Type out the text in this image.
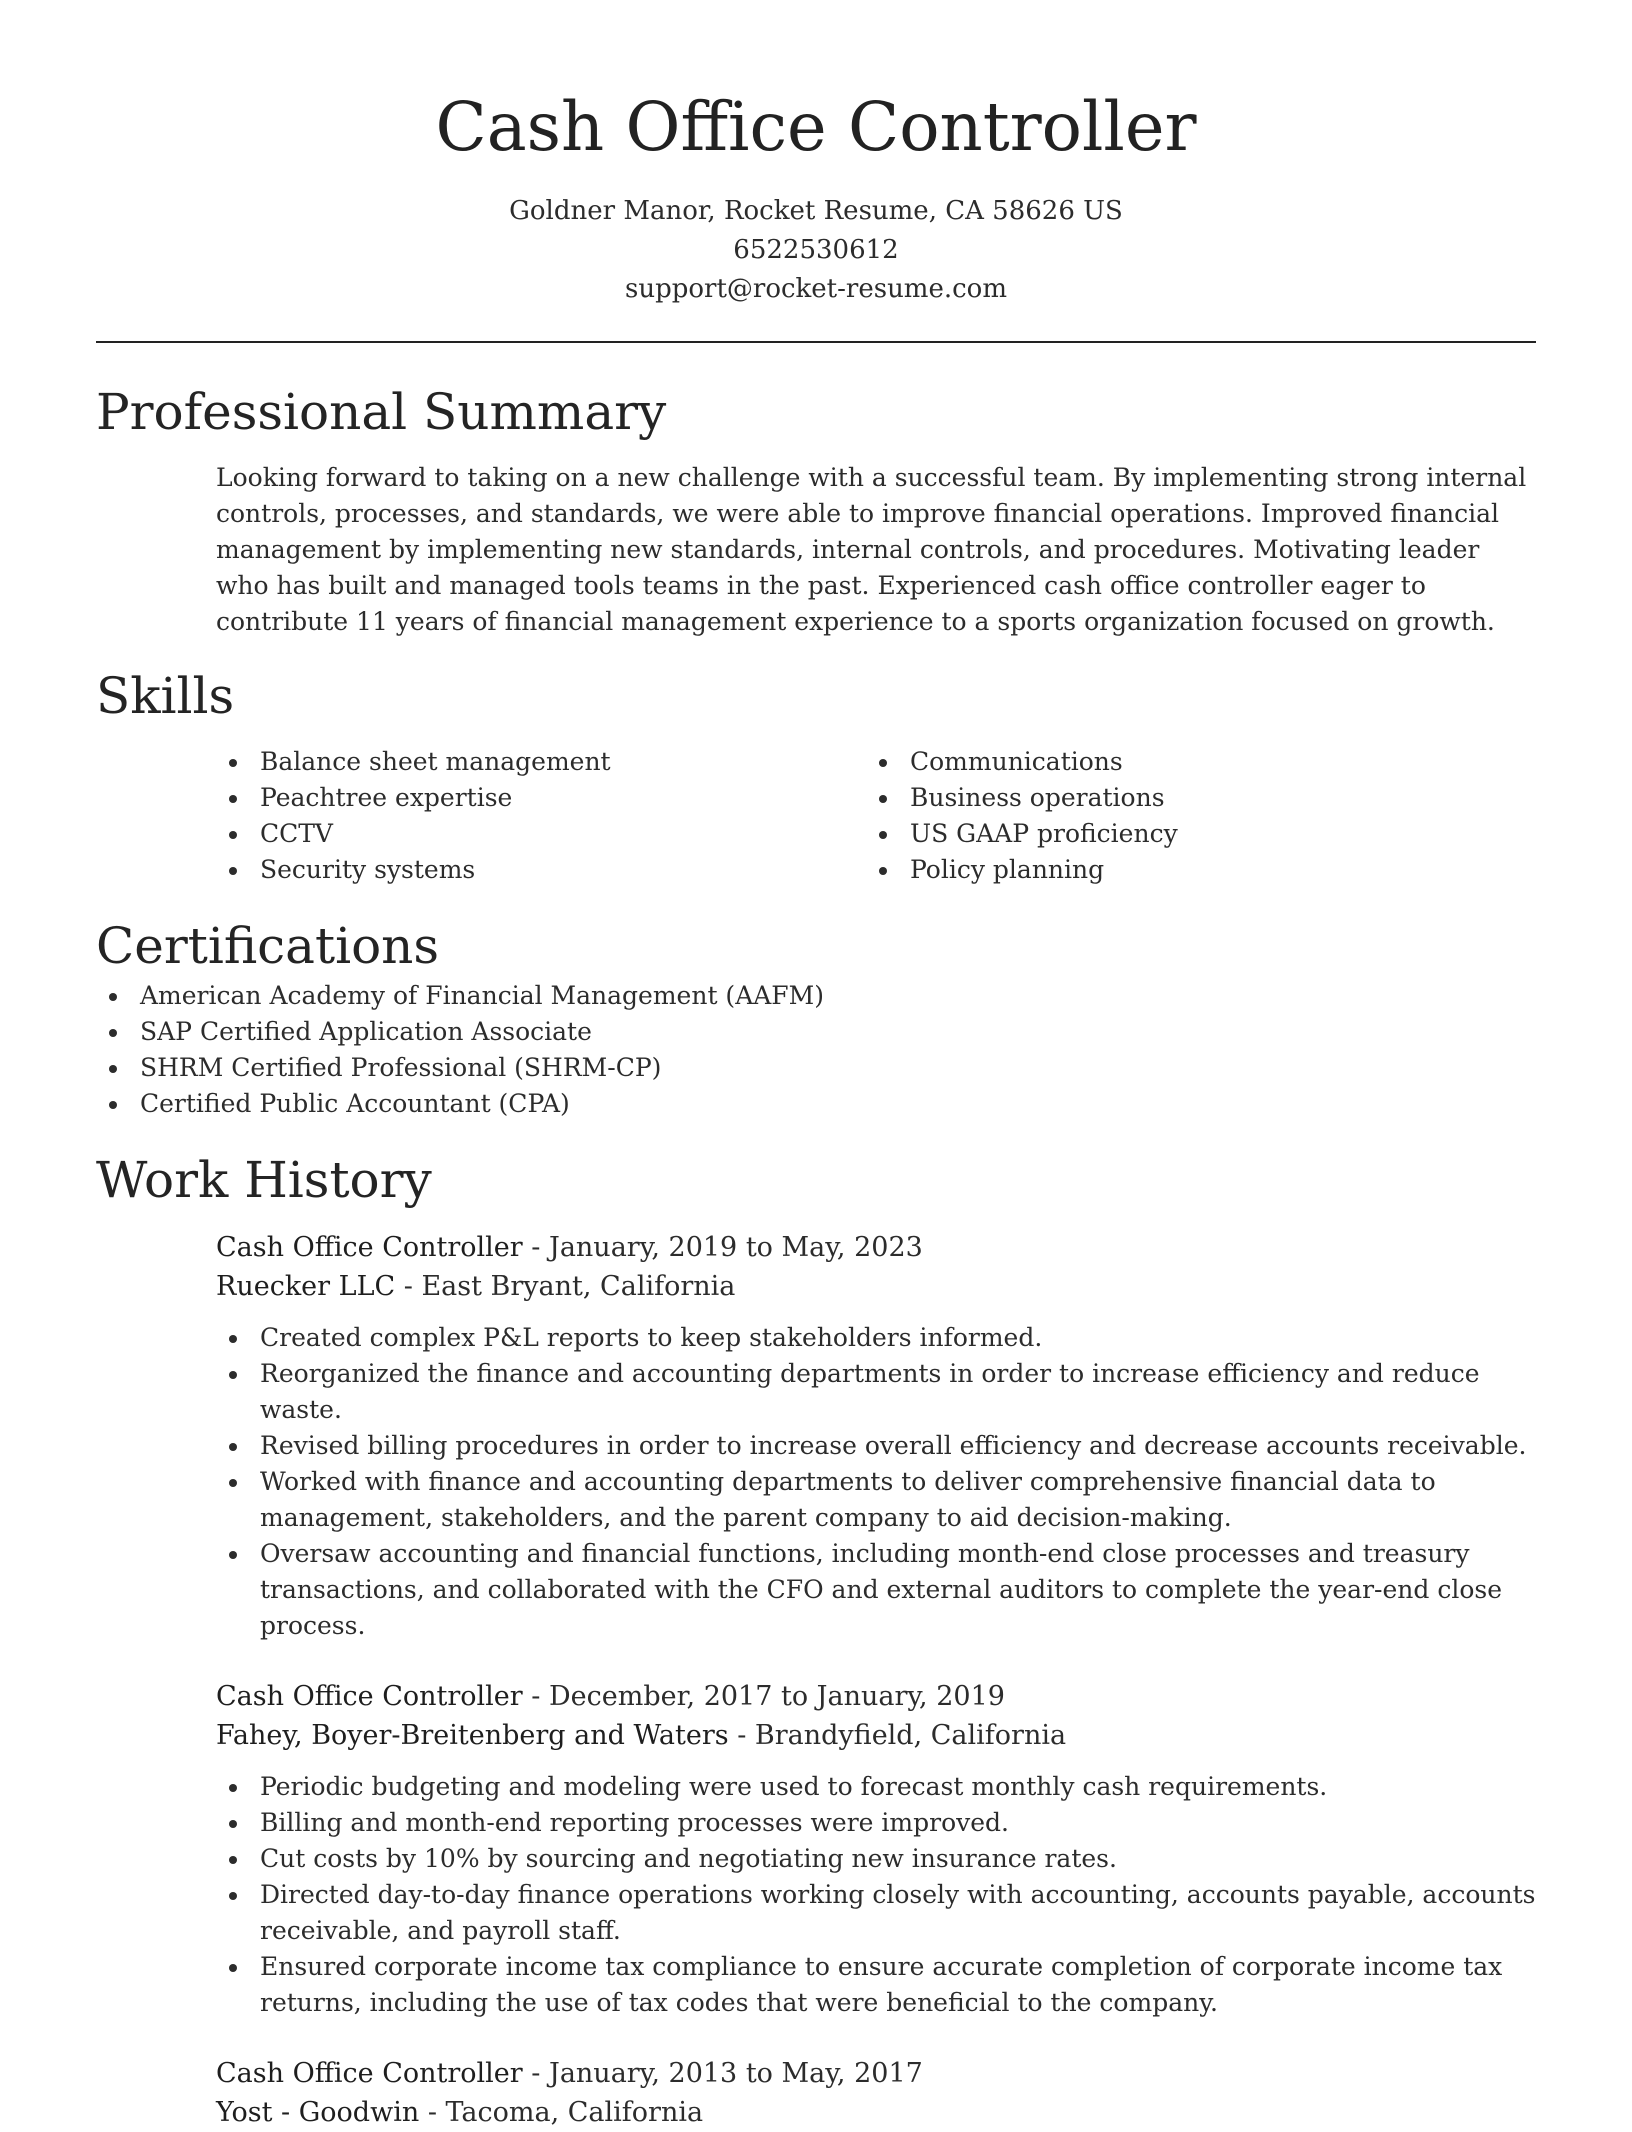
Cash Office Controller
Goldner Manor, Rocket Resume, CA 58626 US
6522530612
support@rocket-resume.com
Professional Summary

Looking forward to taking on a new challenge with a successful team. By implementing strong internal controls, processes, and standards, we were able to improve financial operations. Improved financial management by implementing new standards, internal controls, and procedures. Motivating leader who has built and managed tools teams in the past. Experienced cash office controller eager to contribute 11 years of financial management experience to a sports organization focused on growth.

Skills
Balance sheet management
Peachtree expertise
CCTV
Security systems
Communications
Business operations
US GAAP proficiency
Policy planning
Certifications
American Academy of Financial Management (AAFM)
SAP Certified Application Associate
SHRM Certified Professional (SHRM-CP)
Certified Public Accountant (CPA)
Work History
Cash Office Controller - January, 2019 to May, 2023
Ruecker LLC - East Bryant, California
Created complex P&L reports to keep stakeholders informed.
Reorganized the finance and accounting departments in order to increase efficiency and reduce waste.
Revised billing procedures in order to increase overall efficiency and decrease accounts receivable.
Worked with finance and accounting departments to deliver comprehensive financial data to management, stakeholders, and the parent company to aid decision-making.
Oversaw accounting and financial functions, including month-end close processes and treasury transactions, and collaborated with the CFO and external auditors to complete the year-end close process.
Cash Office Controller - December, 2017 to January, 2019
Fahey, Boyer-Breitenberg and Waters - Brandyfield, California
Periodic budgeting and modeling were used to forecast monthly cash requirements.
Billing and month-end reporting processes were improved.
Cut costs by 10% by sourcing and negotiating new insurance rates.
Directed day-to-day finance operations working closely with accounting, accounts payable, accounts receivable, and payroll staff.
Ensured corporate income tax compliance to ensure accurate completion of corporate income tax returns, including the use of tax codes that were beneficial to the company.
Cash Office Controller - January, 2013 to May, 2017
Yost - Goodwin - Tacoma, California
